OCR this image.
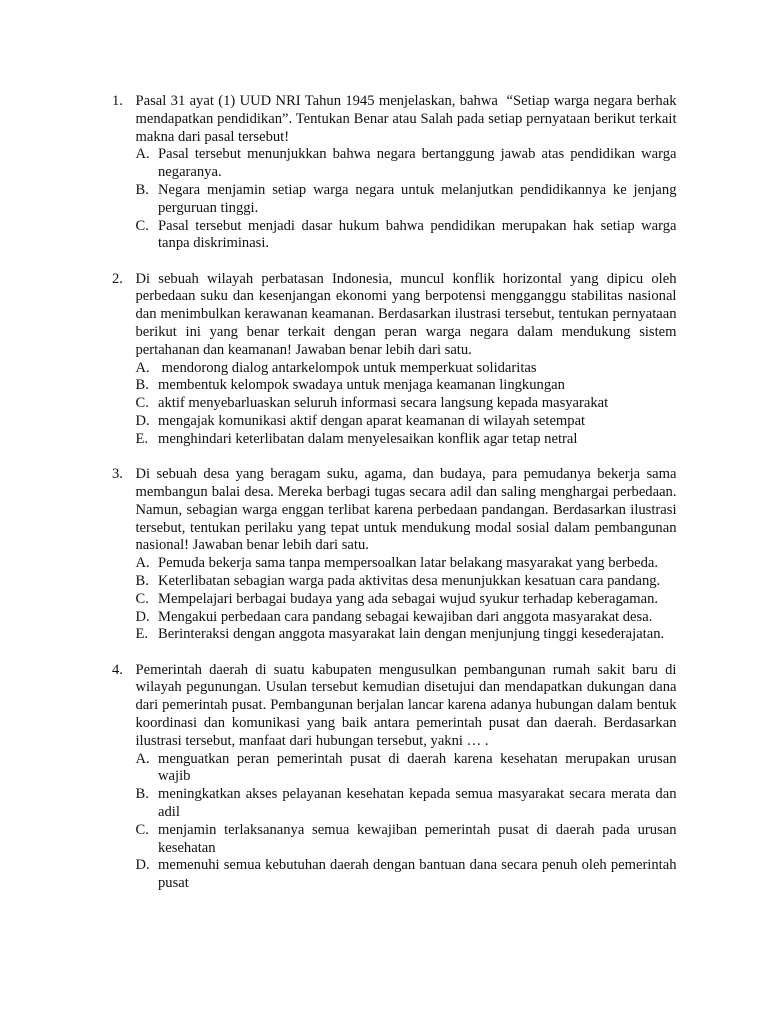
1. Pasal 31 ayat (1) UUD NRI Tahun 1945 menjelaskan, bahwa  “Setiap warga negara berhak mendapatkan pendidikan”. Tentukan Benar atau Salah pada setiap pernyataan berikut terkait makna dari pasal tersebut!

A. Pasal tersebut menunjukkan bahwa negara bertanggung jawab atas pendidikan warga negaranya.
B. Negara menjamin setiap warga negara untuk melanjutkan pendidikannya ke jenjang perguruan tinggi.
C. Pasal tersebut menjadi dasar hukum bahwa pendidikan merupakan hak setiap warga tanpa diskriminasi.
2. Di sebuah wilayah perbatasan Indonesia, muncul konflik horizontal yang dipicu oleh perbedaan suku dan kesenjangan ekonomi yang berpotensi mengganggu stabilitas nasional dan menimbulkan kerawanan keamanan. Berdasarkan ilustrasi tersebut, tentukan pernyataan berikut ini yang benar terkait dengan peran warga negara dalam mendukung sistem pertahanan dan keamanan! Jawaban benar lebih dari satu.

A. mendorong dialog antarkelompok untuk memperkuat solidaritas
B. membentuk kelompok swadaya untuk menjaga keamanan lingkungan
C. aktif menyebarluaskan seluruh informasi secara langsung kepada masyarakat
D. mengajak komunikasi aktif dengan aparat keamanan di wilayah setempat
E. menghindari keterlibatan dalam menyelesaikan konflik agar tetap netral
3. Di sebuah desa yang beragam suku, agama, dan budaya, para pemudanya bekerja sama membangun balai desa. Mereka berbagi tugas secara adil dan saling menghargai perbedaan. Namun, sebagian warga enggan terlibat karena perbedaan pandangan. Berdasarkan ilustrasi tersebut, tentukan perilaku yang tepat untuk mendukung modal sosial dalam pembangunan nasional! Jawaban benar lebih dari satu.

A. Pemuda bekerja sama tanpa mempersoalkan latar belakang masyarakat yang berbeda.
B. Keterlibatan sebagian warga pada aktivitas desa menunjukkan kesatuan cara pandang.
C. Mempelajari berbagai budaya yang ada sebagai wujud syukur terhadap keberagaman.
D. Mengakui perbedaan cara pandang sebagai kewajiban dari anggota masyarakat desa.
E. Berinteraksi dengan anggota masyarakat lain dengan menjunjung tinggi kesederajatan.
4. Pemerintah daerah di suatu kabupaten mengusulkan pembangunan rumah sakit baru di wilayah pegunungan. Usulan tersebut kemudian disetujui dan mendapatkan dukungan dana dari pemerintah pusat. Pembangunan berjalan lancar karena adanya hubungan dalam bentuk koordinasi dan komunikasi yang baik antara pemerintah pusat dan daerah. Berdasarkan ilustrasi tersebut, manfaat dari hubungan tersebut, yakni … .

A. menguatkan peran pemerintah pusat di daerah karena kesehatan merupakan urusan wajib
B. meningkatkan akses pelayanan kesehatan kepada semua masyarakat secara merata dan adil
C. menjamin terlaksananya semua kewajiban pemerintah pusat di daerah pada urusan kesehatan
D. memenuhi semua kebutuhan daerah dengan bantuan dana secara penuh oleh pemerintah pusat
